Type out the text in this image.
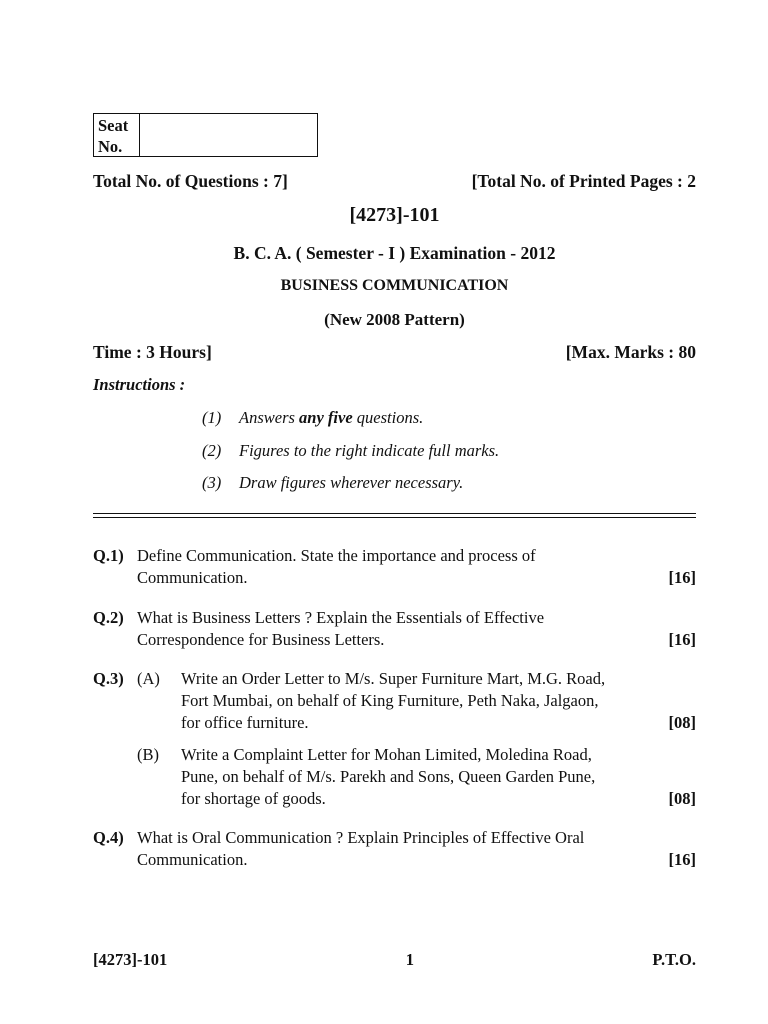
Seat
No.
Total No. of Questions : 7]	[Total No. of Printed Pages : 2
[4273]-101
B. C. A. ( Semester - I ) Examination - 2012
BUSINESS COMMUNICATION
(New 2008 Pattern)
Time : 3 Hours]	[Max. Marks : 80
Instructions :
(1) Answers any five questions.
(2) Figures to the right indicate full marks.
(3) Draw figures wherever necessary.
Q.1) Define Communication. State the importance and process of
Communication.	[16]
Q.2) What is Business Letters ? Explain the Essentials of Effective
Correspondence for Business Letters.	[16]
Q.3) (A) Write an Order Letter to M/s. Super Furniture Mart, M.G. Road,
Fort Mumbai, on behalf of King Furniture, Peth Naka, Jalgaon,
for office furniture.	[08]
(B) Write a Complaint Letter for Mohan Limited, Moledina Road,
Pune, on behalf of M/s. Parekh and Sons, Queen Garden Pune,
for shortage of goods.	[08]
Q.4) What is Oral Communication ? Explain Principles of Effective Oral
Communication.	[16]
[4273]-101	1	P.T.O.
